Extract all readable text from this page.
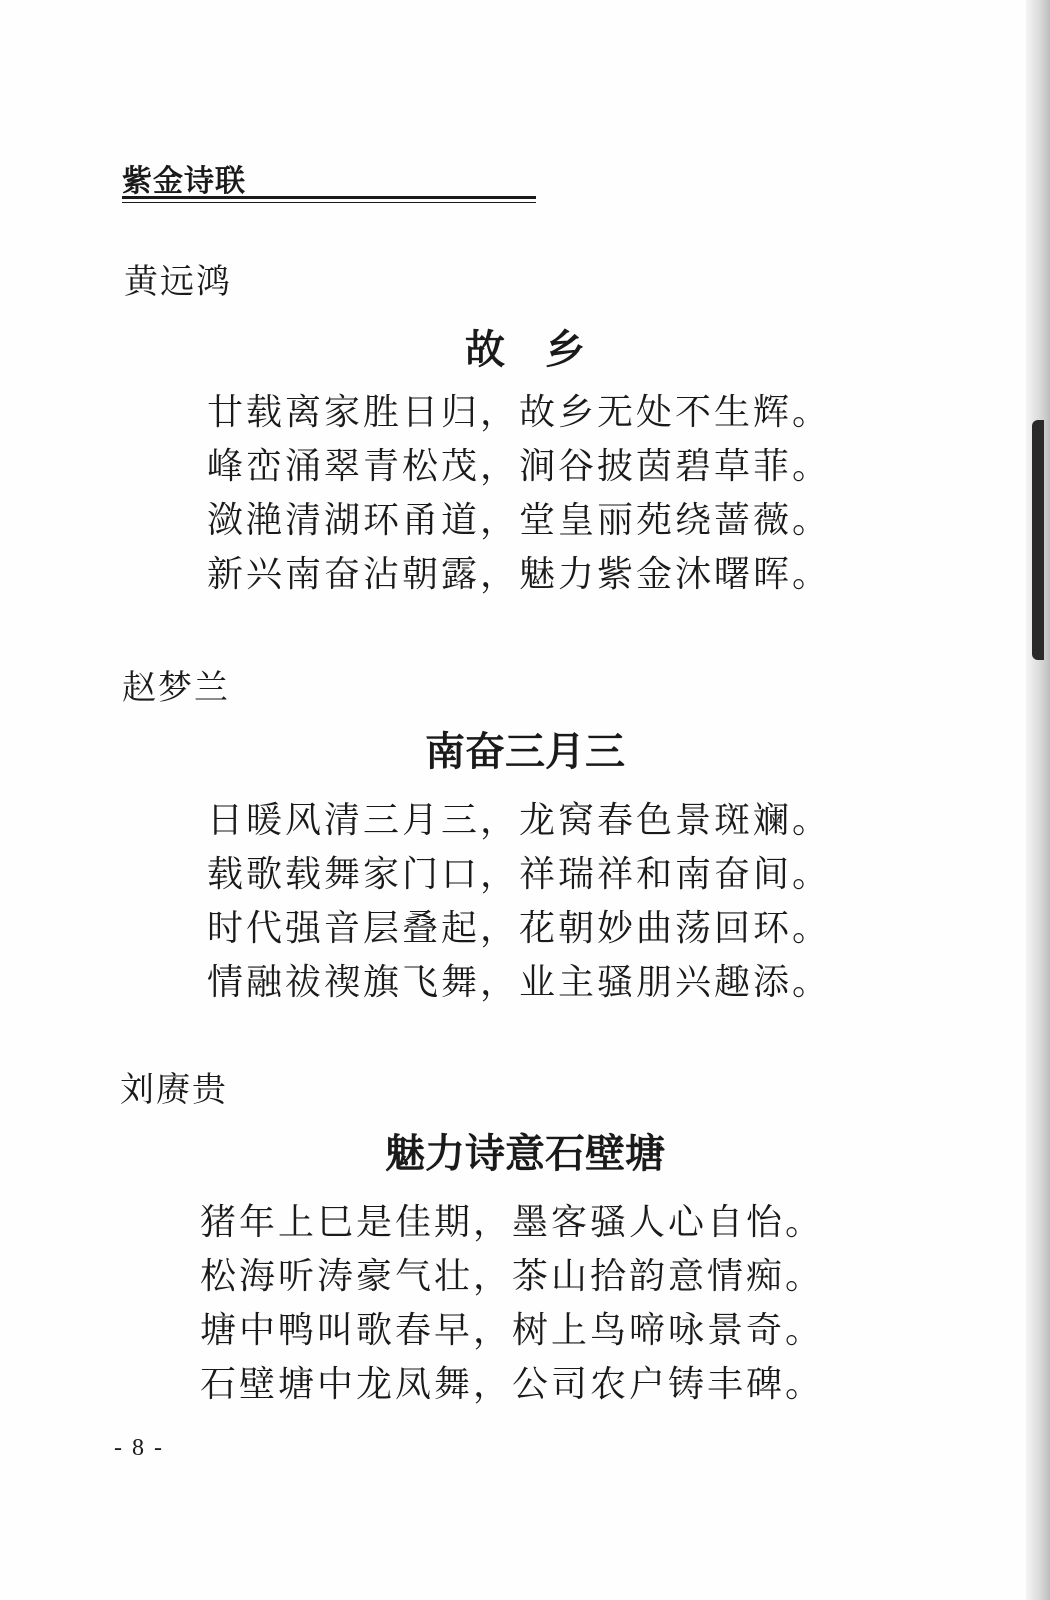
紫金诗联
黄远鸿
故　乡
廿载离家胜日归，故乡无处不生辉。
峰峦涌翠青松茂，涧谷披茵碧草菲。
潋滟清湖环甬道，堂皇丽苑绕蔷薇。
新兴南奋沾朝露，魅力紫金沐曙晖。
赵梦兰
南奋三月三
日暖风清三月三，龙窝春色景斑斓。
载歌载舞家门口，祥瑞祥和南奋间。
时代强音层叠起，花朝妙曲荡回环。
情融祓禊旗飞舞，业主骚朋兴趣添。
刘赓贵
魅力诗意石壁塘
猪年上巳是佳期，墨客骚人心自怡。
松海听涛豪气壮，茶山拾韵意情痴。
塘中鸭叫歌春早，树上鸟啼咏景奇。
石壁塘中龙凤舞，公司农户铸丰碑。
- 8 -
